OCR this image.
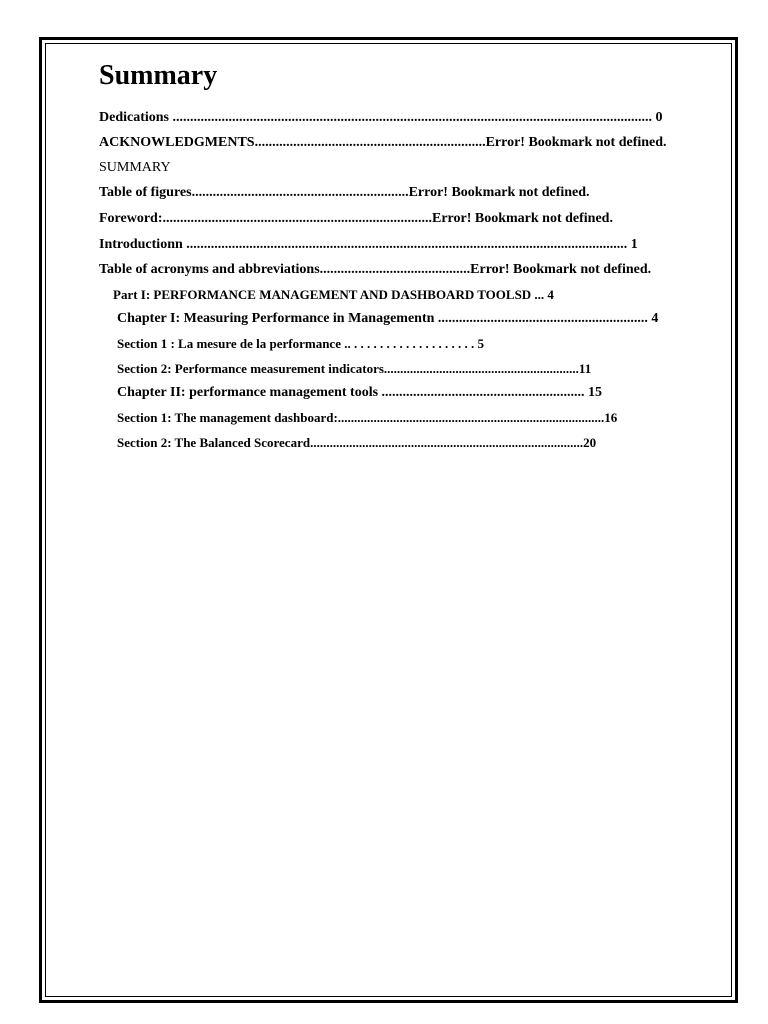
Summary
Dedications ......................................................................................................................................... 0
ACKNOWLEDGMENTS..................................................................Error! Bookmark not defined.
SUMMARY
Table of figures..............................................................Error! Bookmark not defined.
Foreword:.............................................................................Error! Bookmark not defined.
Introductionn .............................................................................................................................. 1
Table of acronyms and abbreviations...........................................Error! Bookmark not defined.
Part I: PERFORMANCE MANAGEMENT AND DASHBOARD TOOLSD ... 4
Chapter I: Measuring Performance in Managementn ............................................................ 4
Section 1 : La mesure de la performance .. . . . . . . . . . . . . . . . . . . . 5
Section 2: Performance measurement indicators............................................................11
Chapter II: performance management tools .......................................................... 15
Section 1: The management dashboard:..................................................................................16
Section 2: The Balanced Scorecard....................................................................................20
